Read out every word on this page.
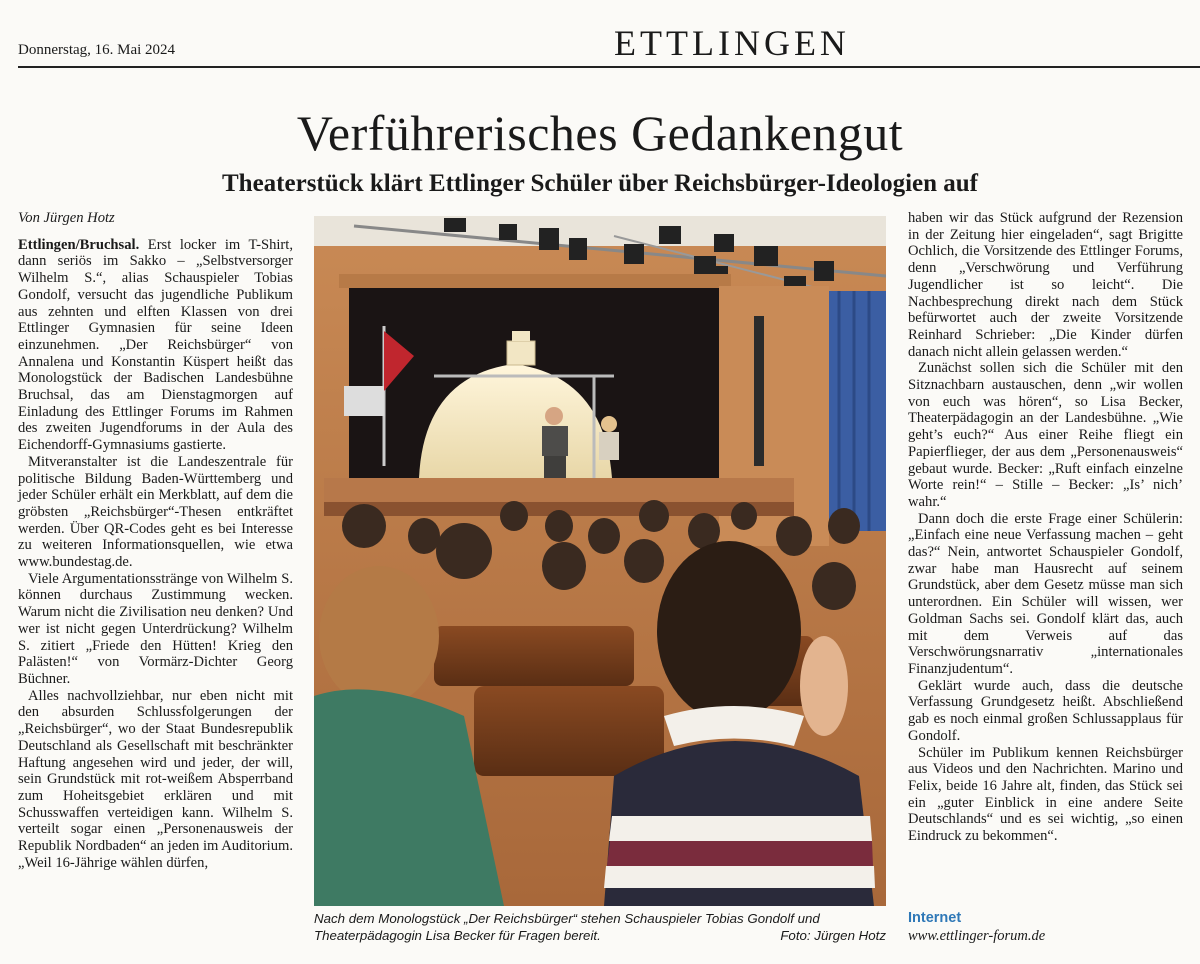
Donnerstag, 16. Mai 2024	ETTLINGEN
Verführerisches Gedankengut
Theaterstück klärt Ettlinger Schüler über Reichsbürger-Ideologien auf

Von Jürgen Hotz

Ettlingen/Bruchsal. Erst locker im T-Shirt, dann seriös im Sakko – „Selbstversorger Wilhelm S.“, alias Schauspieler Tobias Gondolf, versucht das jugendliche Publikum aus zehnten und elften Klassen von drei Ettlinger Gymnasien für seine Ideen einzunehmen. „Der Reichsbürger“ von Annalena und Konstantin Küspert heißt das Monologstück der Badischen Landesbühne Bruchsal, das am Dienstagmorgen auf Einladung des Ettlinger Forums im Rahmen des zweiten Jugendforums in der Aula des Eichendorff-Gymnasiums gastierte.

Mitveranstalter ist die Landeszentrale für politische Bildung Baden-Württemberg und jeder Schüler erhält ein Merkblatt, auf dem die gröbsten „Reichsbürger“-Thesen entkräftet werden. Über QR-Codes geht es bei Interesse zu weiteren Informationsquellen, wie etwa www.bundestag.de.

Viele Argumentationsstränge von Wilhelm S. können durchaus Zustimmung wecken. Warum nicht die Zivilisation neu denken? Und wer ist nicht gegen Unterdrückung? Wilhelm S. zitiert „Friede den Hütten! Krieg den Palästen!“ von Vormärz-Dichter Georg Büchner.

Alles nachvollziehbar, nur eben nicht mit den absurden Schlussfolgerungen der „Reichsbürger“, wo der Staat Bundesrepublik Deutschland als Gesellschaft mit beschränkter Haftung angesehen wird und jeder, der will, sein Grundstück mit rot-weißem Absperrband zum Hoheitsgebiet erklären und mit Schusswaffen verteidigen kann. Wilhelm S. verteilt sogar einen „Personenausweis der Republik Nordbaden“ an jeden im Auditorium. „Weil 16-Jährige wählen dürfen,

Nach dem Monologstück „Der Reichsbürger“ stehen Schauspieler Tobias Gondolf und Theaterpädagogin Lisa Becker für Fragen bereit.	Foto: Jürgen Hotz

haben wir das Stück aufgrund der Rezension in der Zeitung hier eingeladen“, sagt Brigitte Ochlich, die Vorsitzende des Ettlinger Forums, denn „Verschwörung und Verführung Jugendlicher ist so leicht“. Die Nachbesprechung direkt nach dem Stück befürwortet auch der zweite Vorsitzende Reinhard Schrieber: „Die Kinder dürfen danach nicht allein gelassen werden.“

Zunächst sollen sich die Schüler mit den Sitznachbarn austauschen, denn „wir wollen von euch was hören“, so Lisa Becker, Theaterpädagogin an der Landesbühne. „Wie geht’s euch?“ Aus einer Reihe fliegt ein Papierflieger, der aus dem „Personenausweis“ gebaut wurde. Becker: „Ruft einfach einzelne Worte rein!“ – Stille – Becker: „Is’ nich’ wahr.“

Dann doch die erste Frage einer Schülerin: „Einfach eine neue Verfassung machen – geht das?“ Nein, antwortet Schauspieler Gondolf, zwar habe man Hausrecht auf seinem Grundstück, aber dem Gesetz müsse man sich unterordnen. Ein Schüler will wissen, wer Goldman Sachs sei. Gondolf klärt das, auch mit dem Verweis auf das Verschwörungsnarrativ „internationales Finanzjudentum“.

Geklärt wurde auch, dass die deutsche Verfassung Grundgesetz heißt. Abschließend gab es noch einmal großen Schlussapplaus für Gondolf.

Schüler im Publikum kennen Reichsbürger aus Videos und den Nachrichten. Marino und Felix, beide 16 Jahre alt, finden, das Stück sei ein „guter Einblick in eine andere Seite Deutschlands“ und es sei wichtig, „so einen Eindruck zu bekommen“.

Internet
www.ettlinger-forum.de
